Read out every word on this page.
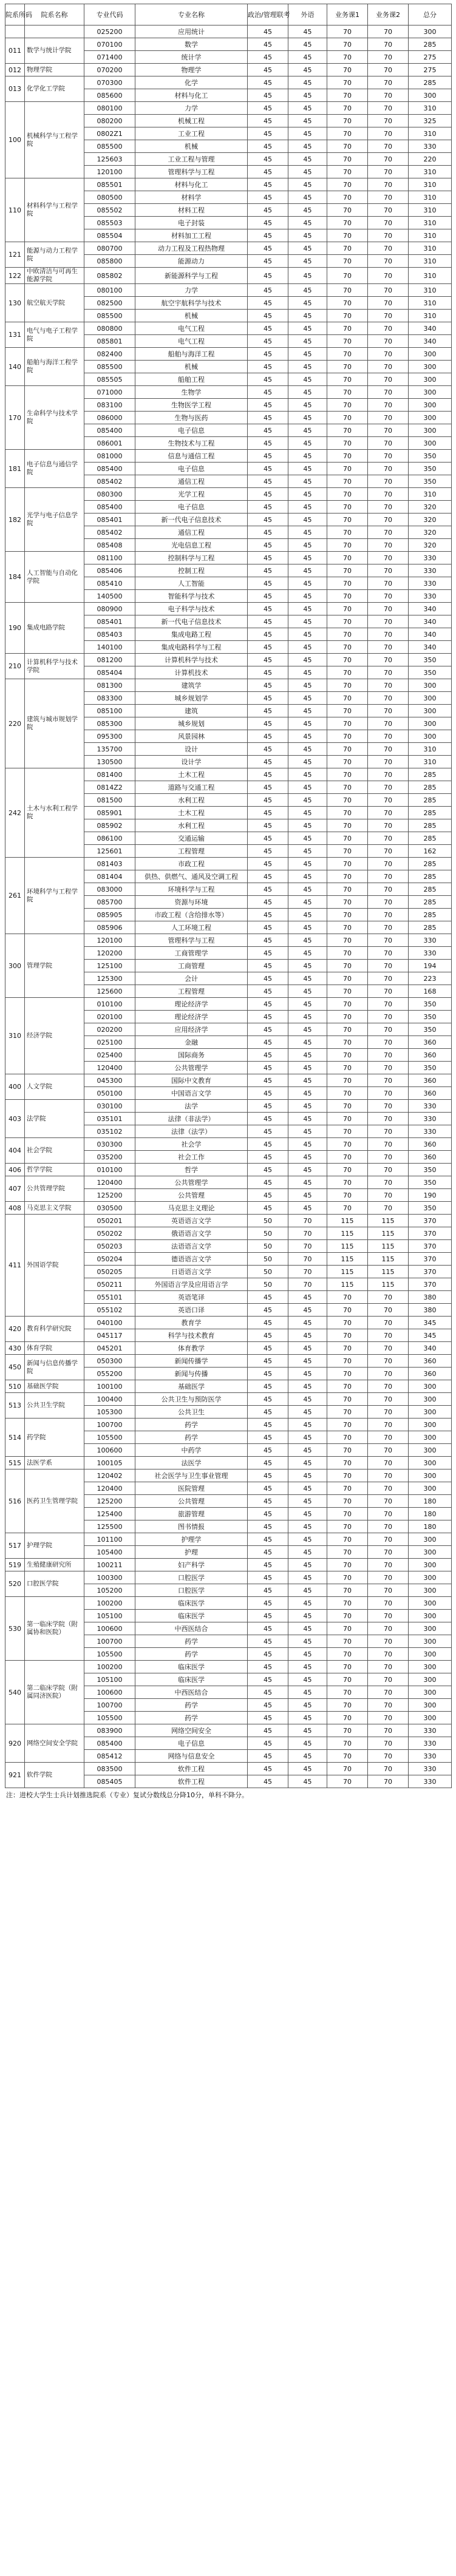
院系所码	院系名称	专业代码	专业名称	政治/管理联考	外语	业务课1	业务课2	总分
		025200	应用统计	45	45	70	70	300
011	数学与统计学院	070100	数学	45	45	70	70	285
		071400	统计学	45	45	70	70	275
012	物理学院	070200	物理学	45	45	70	70	275
013	化学化工学院	070300	化学	45	45	70	70	285
		085600	材料与化工	45	45	70	70	300
100	机械科学与工程学院	080100	力学	45	45	70	70	310
		080200	机械工程	45	45	70	70	325
		0802Z1	工业工程	45	45	70	70	310
		085500	机械	45	45	70	70	330
		125603	工业工程与管理	45	45	70	70	220
		120100	管理科学与工程	45	45	70	70	310
110	材料科学与工程学院	085501	材料与化工	45	45	70	70	310
		080500	材料学	45	45	70	70	310
		085502	材料工程	45	45	70	70	310
		085503	电子封装	45	45	70	70	310
		085504	材料加工工程	45	45	70	70	310
121	能源与动力工程学院	080700	动力工程及工程热物理	45	45	70	70	310
		085800	能源动力	45	45	70	70	310
122	中欧清洁与可再生能源学院	085802	新能源科学与工程	45	45	70	70	310
130	航空航天学院	080100	力学	45	45	70	70	310
		082500	航空宇航科学与技术	45	45	70	70	310
		085500	机械	45	45	70	70	310
131	电气与电子工程学院	080800	电气工程	45	45	70	70	340
		085801	电气工程	45	45	70	70	340
140	船舶与海洋工程学院	082400	船舶与海洋工程	45	45	70	70	300
		085500	机械	45	45	70	70	300
		085505	船舶工程	45	45	70	70	300
170	生命科学与技术学院	071000	生物学	45	45	70	70	300
		083100	生物医学工程	45	45	70	70	300
		086000	生物与医药	45	45	70	70	300
		085400	电子信息	45	45	70	70	300
		086001	生物技术与工程	45	45	70	70	300
181	电子信息与通信学院	081000	信息与通信工程	45	45	70	70	350
		085400	电子信息	45	45	70	70	350
		085402	通信工程	45	45	70	70	350
182	光学与电子信息学院	080300	光学工程	45	45	70	70	310
		085400	电子信息	45	45	70	70	320
		085401	新一代电子信息技术	45	45	70	70	320
		085402	通信工程	45	45	70	70	320
		085408	光电信息工程	45	45	70	70	320
184	人工智能与自动化学院	081100	控制科学与工程	45	45	70	70	330
		085406	控制工程	45	45	70	70	330
		085410	人工智能	45	45	70	70	330
		140500	智能科学与技术	45	45	70	70	330
190	集成电路学院	080900	电子科学与技术	45	45	70	70	340
		085401	新一代电子信息技术	45	45	70	70	340
		085403	集成电路工程	45	45	70	70	340
		140100	集成电路科学与工程	45	45	70	70	340
210	计算机科学与技术学院	081200	计算机科学与技术	45	45	70	70	350
		085404	计算机技术	45	45	70	70	350
220	建筑与城市规划学院	081300	建筑学	45	45	70	70	300
		083300	城乡规划学	45	45	70	70	300
		085100	建筑	45	45	70	70	300
		085300	城乡规划	45	45	70	70	300
		095300	风景园林	45	45	70	70	300
		135700	设计	45	45	70	70	310
		130500	设计学	45	45	70	70	310
242	土木与水利工程学院	081400	土木工程	45	45	70	70	285
		0814Z2	道路与交通工程	45	45	70	70	285
		081500	水利工程	45	45	70	70	285
		085901	土木工程	45	45	70	70	285
		085902	水利工程	45	45	70	70	285
		086100	交通运输	45	45	70	70	285
		125601	工程管理	45	45	70	70	162
261	环境科学与工程学院	081403	市政工程	45	45	70	70	285
		081404	供热、供燃气、通风及空调工程	45	45	70	70	285
		083000	环境科学与工程	45	45	70	70	285
		085700	资源与环境	45	45	70	70	285
		085905	市政工程（含给排水等）	45	45	70	70	285
		085906	人工环境工程	45	45	70	70	285
300	管理学院	120100	管理科学与工程	45	45	70	70	330
		120200	工商管理学	45	45	70	70	330
		125100	工商管理	45	45	70	70	194
		125300	会计	45	45	70	70	223
		125600	工程管理	45	45	70	70	168
310	经济学院	010100	理论经济学	45	45	70	70	350
		020100	理论经济学	45	45	70	70	350
		020200	应用经济学	45	45	70	70	350
		025100	金融	45	45	70	70	360
		025400	国际商务	45	45	70	70	360
		120400	公共管理学	45	45	70	70	350
400	人文学院	045300	国际中文教育	45	45	70	70	360
		050100	中国语言文学	45	45	70	70	360
403	法学院	030100	法学	45	45	70	70	330
		035101	法律（非法学）	45	45	70	70	330
		035102	法律（法学）	45	45	70	70	330
404	社会学院	030300	社会学	45	45	70	70	360
		035200	社会工作	45	45	70	70	360
406	哲学学院	010100	哲学	45	45	70	70	350
407	公共管理学院	120400	公共管理学	45	45	70	70	350
		125200	公共管理	45	45	70	70	190
408	马克思主义学院	030500	马克思主义理论	45	45	70	70	350
411	外国语学院	050201	英语语言文学	50	70	115	115	370
		050202	俄语语言文学	50	70	115	115	370
		050203	法语语言文学	50	70	115	115	370
		050204	德语语言文学	50	70	115	115	370
		050205	日语语言文学	50	70	115	115	370
		050211	外国语言学及应用语言学	50	70	115	115	370
		055101	英语笔译	45	45	70	70	380
		055102	英语口译	45	45	70	70	380
420	教育科学研究院	040100	教育学	45	45	70	70	345
		045117	科学与技术教育	45	45	70	70	345
430	体育学院	045201	体育教学	45	45	70	70	340
450	新闻与信息传播学院	050300	新闻传播学	45	45	70	70	360
		055200	新闻与传播	45	45	70	70	360
510	基础医学院	100100	基础医学	45	45	70	70	300
513	公共卫生学院	100400	公共卫生与预防医学	45	45	70	70	300
		105300	公共卫生	45	45	70	70	300
514	药学院	100700	药学	45	45	70	70	300
		105500	药学	45	45	70	70	300
		100600	中药学	45	45	70	70	300
515	法医学系	100105	法医学	45	45	70	70	300
516	医药卫生管理学院	120402	社会医学与卫生事业管理	45	45	70	70	300
		120400	医院管理	45	45	70	70	300
		125200	公共管理	45	45	70	70	180
		125400	旅游管理	45	45	70	70	180
		125500	图书情报	45	45	70	70	180
517	护理学院	101100	护理学	45	45	70	70	300
		105400	护理	45	45	70	70	300
519	生殖健康研究所	100211	妇产科学	45	45	70	70	300
520	口腔医学院	100300	口腔医学	45	45	70	70	300
		105200	口腔医学	45	45	70	70	300
530	第一临床学院（附属协和医院）	100200	临床医学	45	45	70	70	300
		105100	临床医学	45	45	70	70	300
		100600	中西医结合	45	45	70	70	300
		100700	药学	45	45	70	70	300
		105500	药学	45	45	70	70	300
540	第二临床学院（附属同济医院）	100200	临床医学	45	45	70	70	300
		105100	临床医学	45	45	70	70	300
		100600	中西医结合	45	45	70	70	300
		100700	药学	45	45	70	70	300
		105500	药学	45	45	70	70	300
920	网络空间安全学院	083900	网络空间安全	45	45	70	70	330
		085400	电子信息	45	45	70	70	330
		085412	网络与信息安全	45	45	70	70	330
921	软件学院	083500	软件工程	45	45	70	70	330
		085405	软件工程	45	45	70	70	330
注：进校大学生士兵计划推选院系（专业）复试分数线总分降10分，单科不降分。
